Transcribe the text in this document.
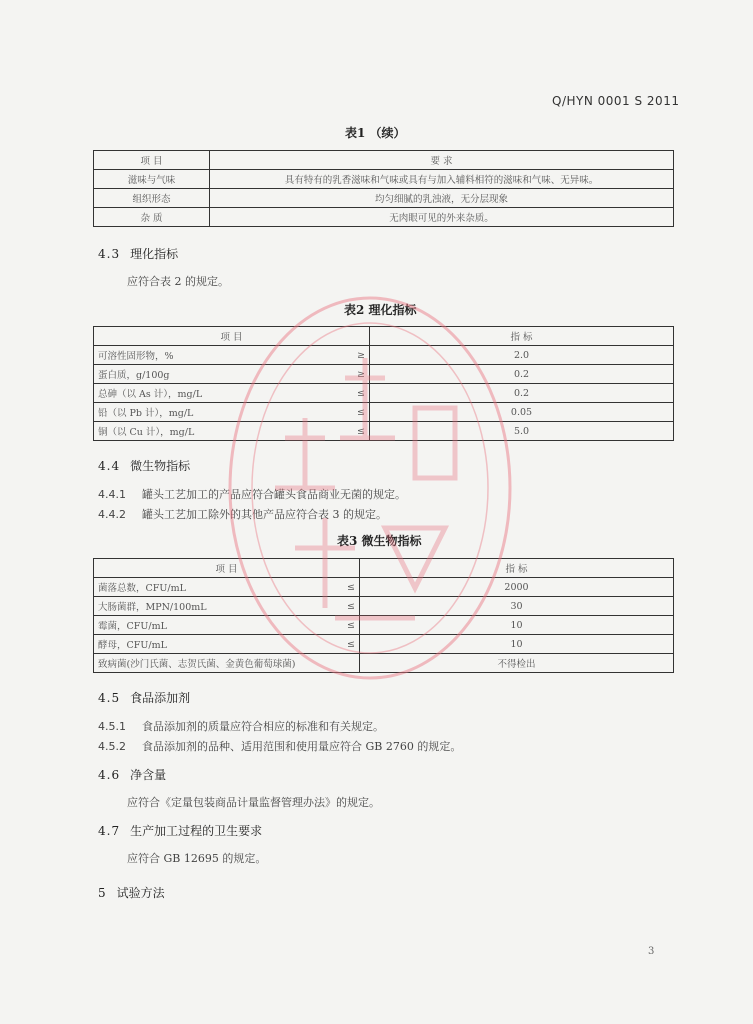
Q/HYN 0001 S 2011
表1 （续）
项 目	要 求
滋味与气味	具有特有的乳香滋味和气味或具有与加入辅料相符的滋味和气味、无异味。
组织形态	均匀细腻的乳浊液，无分层现象
杂 质	无肉眼可见的外来杂质。
4.3 理化指标
应符合表 2 的规定。
表2 理化指标
项 目		指 标
可溶性固形物，%	≥	2.0
蛋白质，g/100g	≥	0.2
总砷（以 As 计），mg/L	≤	0.2
铅（以 Pb 计），mg/L	≤	0.05
铜（以 Cu 计），mg/L	≤	5.0
4.4 微生物指标
4.4.1 罐头工艺加工的产品应符合罐头食品商业无菌的规定。
4.4.2 罐头工艺加工除外的其他产品应符合表 3 的规定。
表3 微生物指标
项 目		指 标
菌落总数，CFU/mL	≤	2000
大肠菌群，MPN/100mL	≤	30
霉菌，CFU/mL	≤	10
酵母，CFU/mL	≤	10
致病菌(沙门氏菌、志贺氏菌、金黄色葡萄球菌)		不得检出
4.5 食品添加剂
4.5.1 食品添加剂的质量应符合相应的标准和有关规定。
4.5.2 食品添加剂的品种、适用范围和使用量应符合 GB 2760 的规定。
4.6 净含量
应符合《定量包装商品计量监督管理办法》的规定。
4.7 生产加工过程的卫生要求
应符合 GB 12695 的规定。
5 试验方法
3
